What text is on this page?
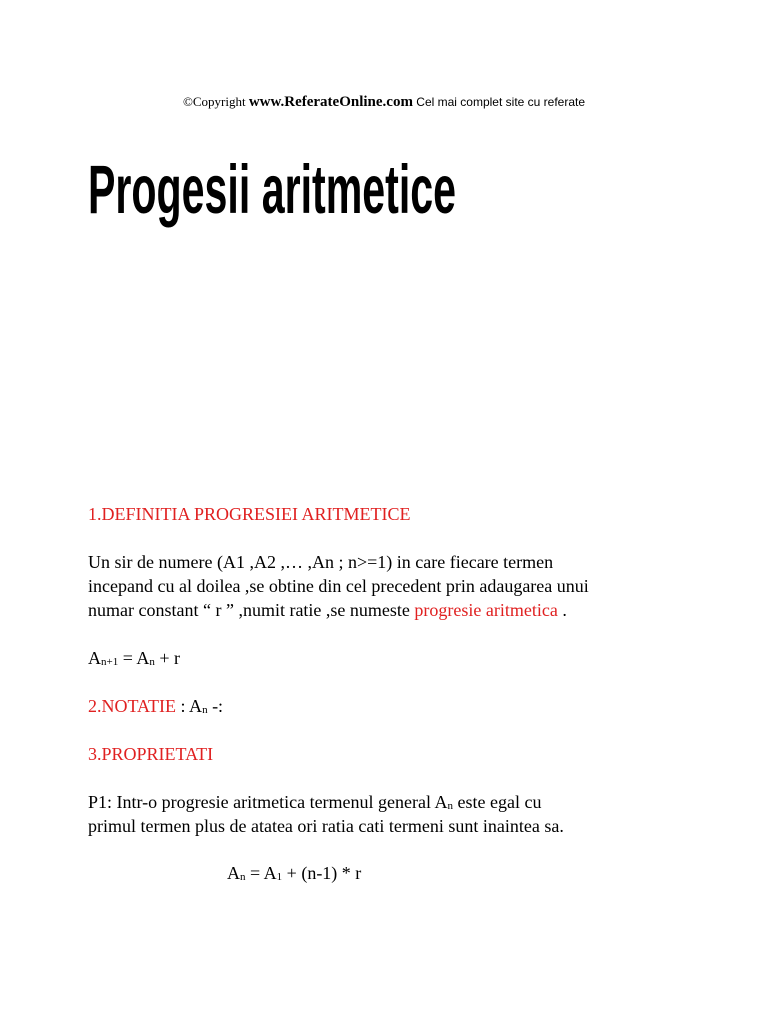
©Copyright www.ReferateOnline.com Cel mai complet site cu referate
Progesii aritmetice
1.DEFINITIA PROGRESIEI ARITMETICE
Un sir de numere (A1 ,A2 ,… ,An ; n>=1) in care fiecare termen
incepand cu al doilea ,se obtine din cel precedent prin adaugarea unui
numar constant “ r ” ,numit ratie ,se numeste progresie aritmetica .
$A_{n+1} = A_n + r$
2.NOTATIE : $A_n$ -:
3.PROPRIETATI
P1: Intr-o progresie aritmetica termenul general $A_n$ este egal cu
primul termen plus de atatea ori ratia cati termeni sunt inaintea sa.
$A_n = A_1 + (n-1) * r$
